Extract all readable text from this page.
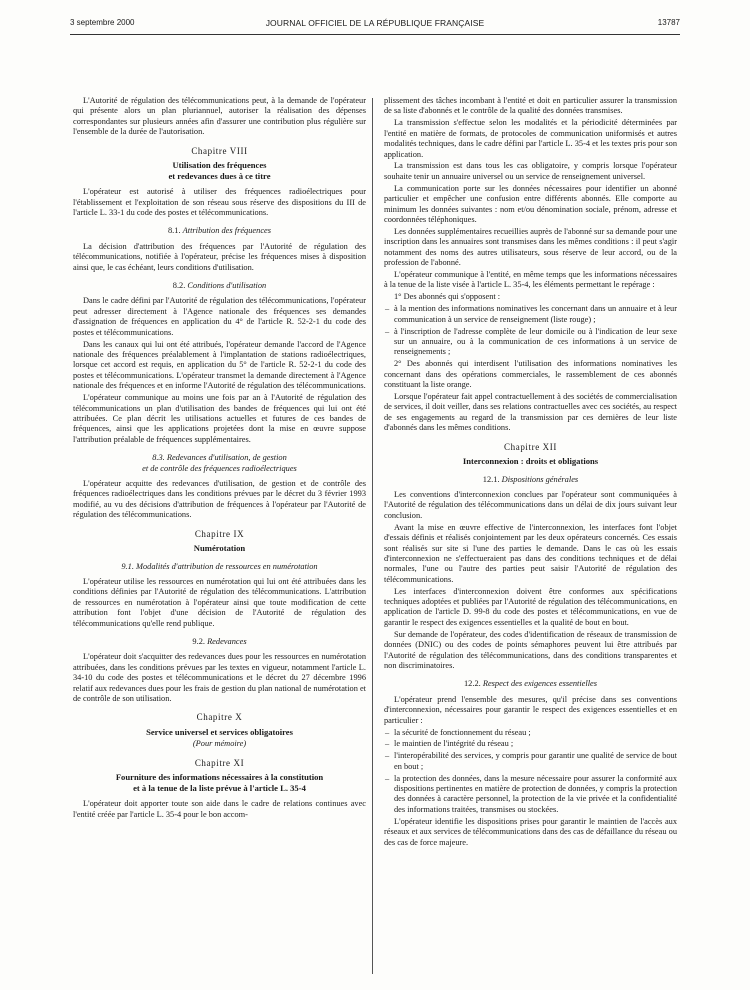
3 septembre 2000	JOURNAL OFFICIEL DE LA RÉPUBLIQUE FRANÇAISE	13787

L'Autorité de régulation des télécommunications peut, à la demande de l'opérateur qui présente alors un plan pluriannuel, autoriser la réalisation des dépenses correspondantes sur plusieurs années afin d'assurer une contribution plus régulière sur l'ensemble de la durée de l'autorisation.

Chapitre VIII
Utilisation des fréquences
et redevances dues à ce titre

L'opérateur est autorisé à utiliser des fréquences radioélectriques pour l'établissement et l'exploitation de son réseau sous réserve des dispositions du III de l'article L. 33-1 du code des postes et télécommunications.

8.1. Attribution des fréquences

La décision d'attribution des fréquences par l'Autorité de régulation des télécommunications, notifiée à l'opérateur, précise les fréquences mises à disposition ainsi que, le cas échéant, leurs conditions d'utilisation.

8.2. Conditions d'utilisation

Dans le cadre défini par l'Autorité de régulation des télécommunications, l'opérateur peut adresser directement à l'Agence nationale des fréquences ses demandes d'assignation de fréquences en application du 4° de l'article R. 52-2-1 du code des postes et télécommunications.

Dans les canaux qui lui ont été attribués, l'opérateur demande l'accord de l'Agence nationale des fréquences préalablement à l'implantation de stations radioélectriques, lorsque cet accord est requis, en application du 5° de l'article R. 52-2-1 du code des postes et télécommunications. L'opérateur transmet la demande directement à l'Agence nationale des fréquences et en informe l'Autorité de régulation des télécommunications.

L'opérateur communique au moins une fois par an à l'Autorité de régulation des télécommunications un plan d'utilisation des bandes de fréquences qui lui ont été attribuées. Ce plan décrit les utilisations actuelles et futures de ces bandes de fréquences, ainsi que les applications projetées dont la mise en œuvre suppose l'attribution préalable de fréquences supplémentaires.

8.3. Redevances d'utilisation, de gestion
et de contrôle des fréquences radioélectriques

L'opérateur acquitte des redevances d'utilisation, de gestion et de contrôle des fréquences radioélectriques dans les conditions prévues par le décret du 3 février 1993 modifié, au vu des décisions d'attribution de fréquences à l'opérateur par l'Autorité de régulation des télécommunications.

Chapitre IX
Numérotation
9.1. Modalités d'attribution de ressources en numérotation

L'opérateur utilise les ressources en numérotation qui lui ont été attribuées dans les conditions définies par l'Autorité de régulation des télécommunications. L'attribution de ressources en numérotation à l'opérateur ainsi que toute modification de cette attribution font l'objet d'une décision de l'Autorité de régulation des télécommunications qu'elle rend publique.

9.2. Redevances

L'opérateur doit s'acquitter des redevances dues pour les ressources en numérotation attribuées, dans les conditions prévues par les textes en vigueur, notamment l'article L. 34-10 du code des postes et télécommunications et le décret du 27 décembre 1996 relatif aux redevances dues pour les frais de gestion du plan national de numérotation et de contrôle de son utilisation.

Chapitre X
Service universel et services obligatoires
(Pour mémoire)
Chapitre XI
Fourniture des informations nécessaires à la constitution
et à la tenue de la liste prévue à l'article L. 35-4

L'opérateur doit apporter toute son aide dans le cadre de relations continues avec l'entité créée par l'article L. 35-4 pour le bon accom-

plissement des tâches incombant à l'entité et doit en particulier assurer la transmission de sa liste d'abonnés et le contrôle de la qualité des données transmises.

La transmission s'effectue selon les modalités et la périodicité déterminées par l'entité en matière de formats, de protocoles de communication uniformisés et autres modalités techniques, dans le cadre défini par l'article L. 35-4 et les textes pris pour son application.

La transmission est dans tous les cas obligatoire, y compris lorsque l'opérateur souhaite tenir un annuaire universel ou un service de renseignement universel.

La communication porte sur les données nécessaires pour identifier un abonné particulier et empêcher une confusion entre différents abonnés. Elle comporte au minimum les données suivantes : nom et/ou dénomination sociale, prénom, adresse et coordonnées téléphoniques.

Les données supplémentaires recueillies auprès de l'abonné sur sa demande pour une inscription dans les annuaires sont transmises dans les mêmes conditions : il peut s'agir notamment des noms des autres utilisateurs, sous réserve de leur accord, ou de la profession de l'abonné.

L'opérateur communique à l'entité, en même temps que les informations nécessaires à la tenue de la liste visée à l'article L. 35-4, les éléments permettant le repérage :

1° Des abonnés qui s'opposent :

– à la mention des informations nominatives les concernant dans un annuaire et à leur communication à un service de renseignement (liste rouge) ;

– à l'inscription de l'adresse complète de leur domicile ou à l'indication de leur sexe sur un annuaire, ou à la communication de ces informations à un service de renseignements ;

2° Des abonnés qui interdisent l'utilisation des informations nominatives les concernant dans des opérations commerciales, le rassemblement de ces abonnés constituant la liste orange.

Lorsque l'opérateur fait appel contractuellement à des sociétés de commercialisation de services, il doit veiller, dans ses relations contractuelles avec ces sociétés, au respect de ses engagements au regard de la transmission par ces dernières de leur liste d'abonnés dans les mêmes conditions.

Chapitre XII
Interconnexion : droits et obligations
12.1. Dispositions générales

Les conventions d'interconnexion conclues par l'opérateur sont communiquées à l'Autorité de régulation des télécommunications dans un délai de dix jours suivant leur conclusion.

Avant la mise en œuvre effective de l'interconnexion, les interfaces font l'objet d'essais définis et réalisés conjointement par les deux opérateurs concernés. Ces essais sont réalisés sur site si l'une des parties le demande. Dans le cas où les essais d'interconnexion ne s'effectueraient pas dans des conditions techniques et de délai normales, l'une ou l'autre des parties peut saisir l'Autorité de régulation des télécommunications.

Les interfaces d'interconnexion doivent être conformes aux spécifications techniques adoptées et publiées par l'Autorité de régulation des télécommunications, en application de l'article D. 99-8 du code des postes et télécommunications, en vue de garantir le respect des exigences essentielles et la qualité de bout en bout.

Sur demande de l'opérateur, des codes d'identification de réseaux de transmission de données (DNIC) ou des codes de points sémaphores peuvent lui être attribués par l'Autorité de régulation des télécommunications, dans des conditions transparentes et non discriminatoires.

12.2. Respect des exigences essentielles

L'opérateur prend l'ensemble des mesures, qu'il précise dans ses conventions d'interconnexion, nécessaires pour garantir le respect des exigences essentielles et en particulier :

– la sécurité de fonctionnement du réseau ;

– le maintien de l'intégrité du réseau ;

– l'interopérabilité des services, y compris pour garantir une qualité de service de bout en bout ;

– la protection des données, dans la mesure nécessaire pour assurer la conformité aux dispositions pertinentes en matière de protection de données, y compris la protection des données à caractère personnel, la protection de la vie privée et la confidentialité des informations traitées, transmises ou stockées.

L'opérateur identifie les dispositions prises pour garantir le maintien de l'accès aux réseaux et aux services de télécommunications dans des cas de défaillance du réseau ou des cas de force majeure.
